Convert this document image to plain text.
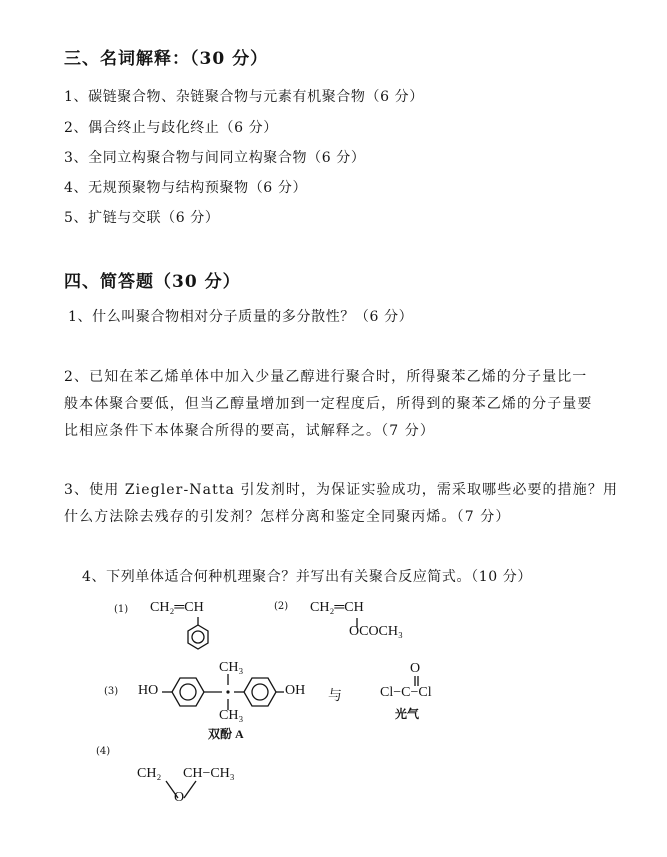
三、名词解释：（30 分）
1、碳链聚合物、杂链聚合物与元素有机聚合物（6 分）
2、偶合终止与歧化终止（6 分）
3、全同立构聚合物与间同立构聚合物（6 分）
4、无规预聚物与结构预聚物（6 分）
5、扩链与交联（6 分）
四、简答题（30 分）
1、什么叫聚合物相对分子质量的多分散性？（6 分）
2、已知在苯乙烯单体中加入少量乙醇进行聚合时，所得聚苯乙烯的分子量比一
般本体聚合要低，但当乙醇量增加到一定程度后，所得到的聚苯乙烯的分子量要
比相应条件下本体聚合所得的要高，试解释之。（7 分）
3、使用 Ziegler-Natta 引发剂时，为保证实验成功，需采取哪些必要的措施？用
什么方法除去残存的引发剂？怎样分离和鉴定全同聚丙烯。（7 分）
4、下列单体适合何种机理聚合？并写出有关聚合反应简式。（10 分）
(1) CH₂═CH	(2) CH₂═CH
OCOCH₃
(3) HO	OH
CH₃
CH₃
双酚 A
与
O
Cl−C−Cl
光气
(4)
CH₂ CH−CH₃
O
